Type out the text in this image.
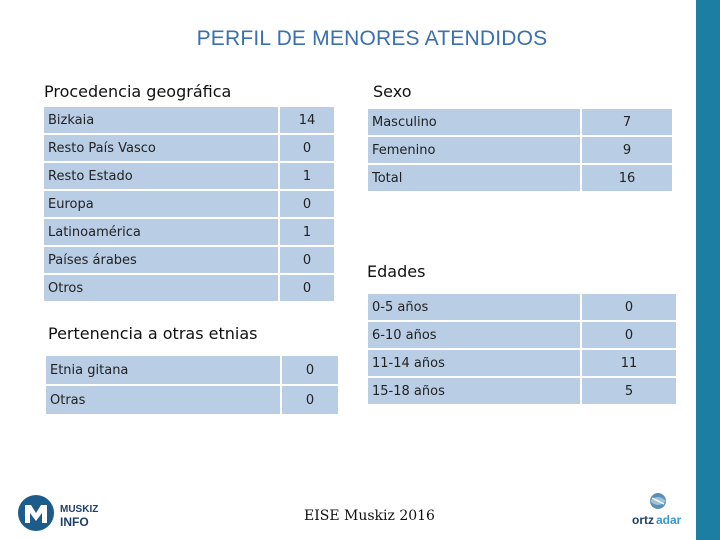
PERFIL DE MENORES ATENDIDOS
Procedencia geográfica
Bizkaia	14
Resto País Vasco	0
Resto Estado	1
Europa	0
Latinoamérica	1
Países árabes	0
Otros	0
Pertenencia a otras etnias
Etnia gitana	0
Otras	0
Sexo
Masculino	7
Femenino	9
Total	16
Edades
0-5 años	0
6-10 años	0
11-14 años	11
15-18 años	5
EISE Muskiz 2016
MUSKIZ
INFO	ortz adar
